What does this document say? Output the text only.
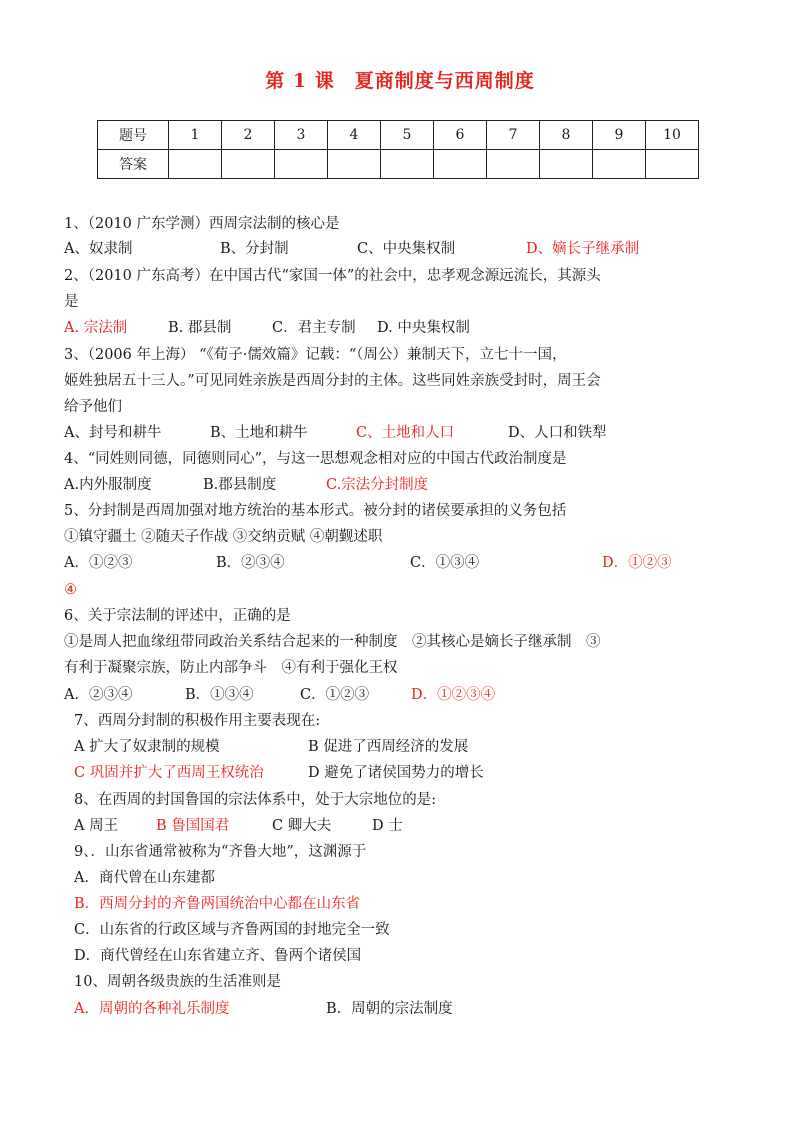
第 1 课　夏商制度与西周制度
题号	1	2	3	4	5	6	7	8	9	10
答案										
1、（2010 广东学测）西周宗法制的核心是
A、奴隶制	B、分封制	C、中央集权制	D、嫡长子继承制
2、（2010 广东高考）在中国古代“家国一体”的社会中，忠孝观念源远流长，其源头
是
A. 宗法制	B. 郡县制	C．君主专制 D. 中央集权制
3、（2006 年上海） “《荀子·儒效篇》记载：“（周公）兼制天下，立七十一国，
姬姓独居五十三人。”可见同姓亲族是西周分封的主体。这些同姓亲族受封时，周王会
给予他们
A、封号和耕牛	B、土地和耕牛	C、土地和人口	D、人口和铁犁
4、“同姓则同德，同德则同心”，与这一思想观念相对应的中国古代政治制度是
A.内外服制度	B.郡县制度	C.宗法分封制度
5、分封制是西周加强对地方统治的基本形式。被分封的诸侯要承担的义务包括
①镇守疆土 ②随天子作战 ③交纳贡赋 ④朝觐述职
A．①②③	B．②③④	C．①③④	D．①②③
④
6、关于宗法制的评述中，正确的是
①是周人把血缘纽带同政治关系结合起来的一种制度　②其核心是嫡长子继承制　③
有利于凝聚宗族，防止内部争斗　④有利于强化王权
A．②③④	B．①③④	C．①②③	D．①②③④
7、西周分封制的积极作用主要表现在:
A 扩大了奴隶制的规模	B 促进了西周经济的发展
C 巩固并扩大了西周王权统治	D 避免了诸侯国势力的增长
8、在西周的封国鲁国的宗法体系中，处于大宗地位的是:
A 周王	B 鲁国国君	C 卿大夫	D 士
9、．山东省通常被称为“齐鲁大地”，这渊源于
A．商代曾在山东建都
B．西周分封的齐鲁两国统治中心都在山东省
C．山东省的行政区域与齐鲁两国的封地完全一致
D．商代曾经在山东省建立齐、鲁两个诸侯国
10、周朝各级贵族的生活准则是
A．周朝的各种礼乐制度	B．周朝的宗法制度
